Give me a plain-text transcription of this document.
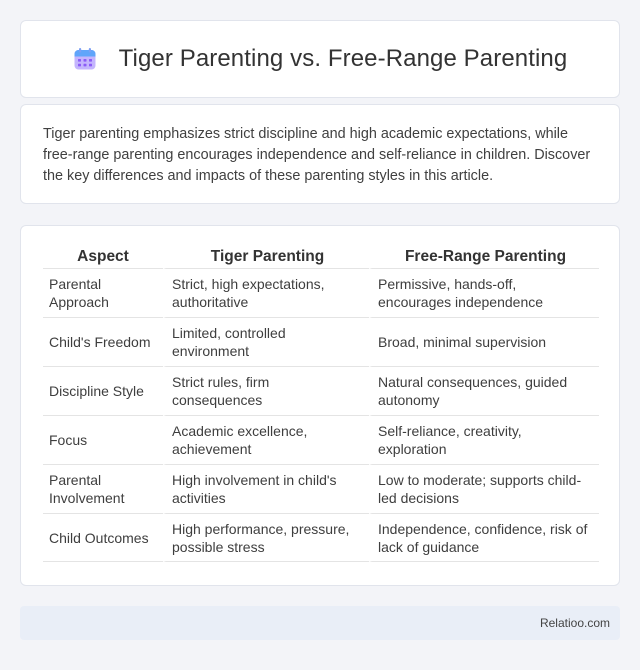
Tiger Parenting vs. Free-Range Parenting

Tiger parenting emphasizes strict discipline and high academic expectations, while free-range parenting encourages independence and self-reliance in children. Discover the key differences and impacts of these parenting styles in this article.

Aspect	Tiger Parenting	Free-Range Parenting
Parental Approach	Strict, high expectations, authoritative	Permissive, hands-off, encourages independence
Child's Freedom	Limited, controlled environment	Broad, minimal supervision
Discipline Style	Strict rules, firm consequences	Natural consequences, guided autonomy
Focus	Academic excellence, achievement	Self-reliance, creativity, exploration
Parental Involvement	High involvement in child's activities	Low to moderate; supports child-led decisions
Child Outcomes	High performance, pressure, possible stress	Independence, confidence, risk of lack of guidance
Relatioo.com
